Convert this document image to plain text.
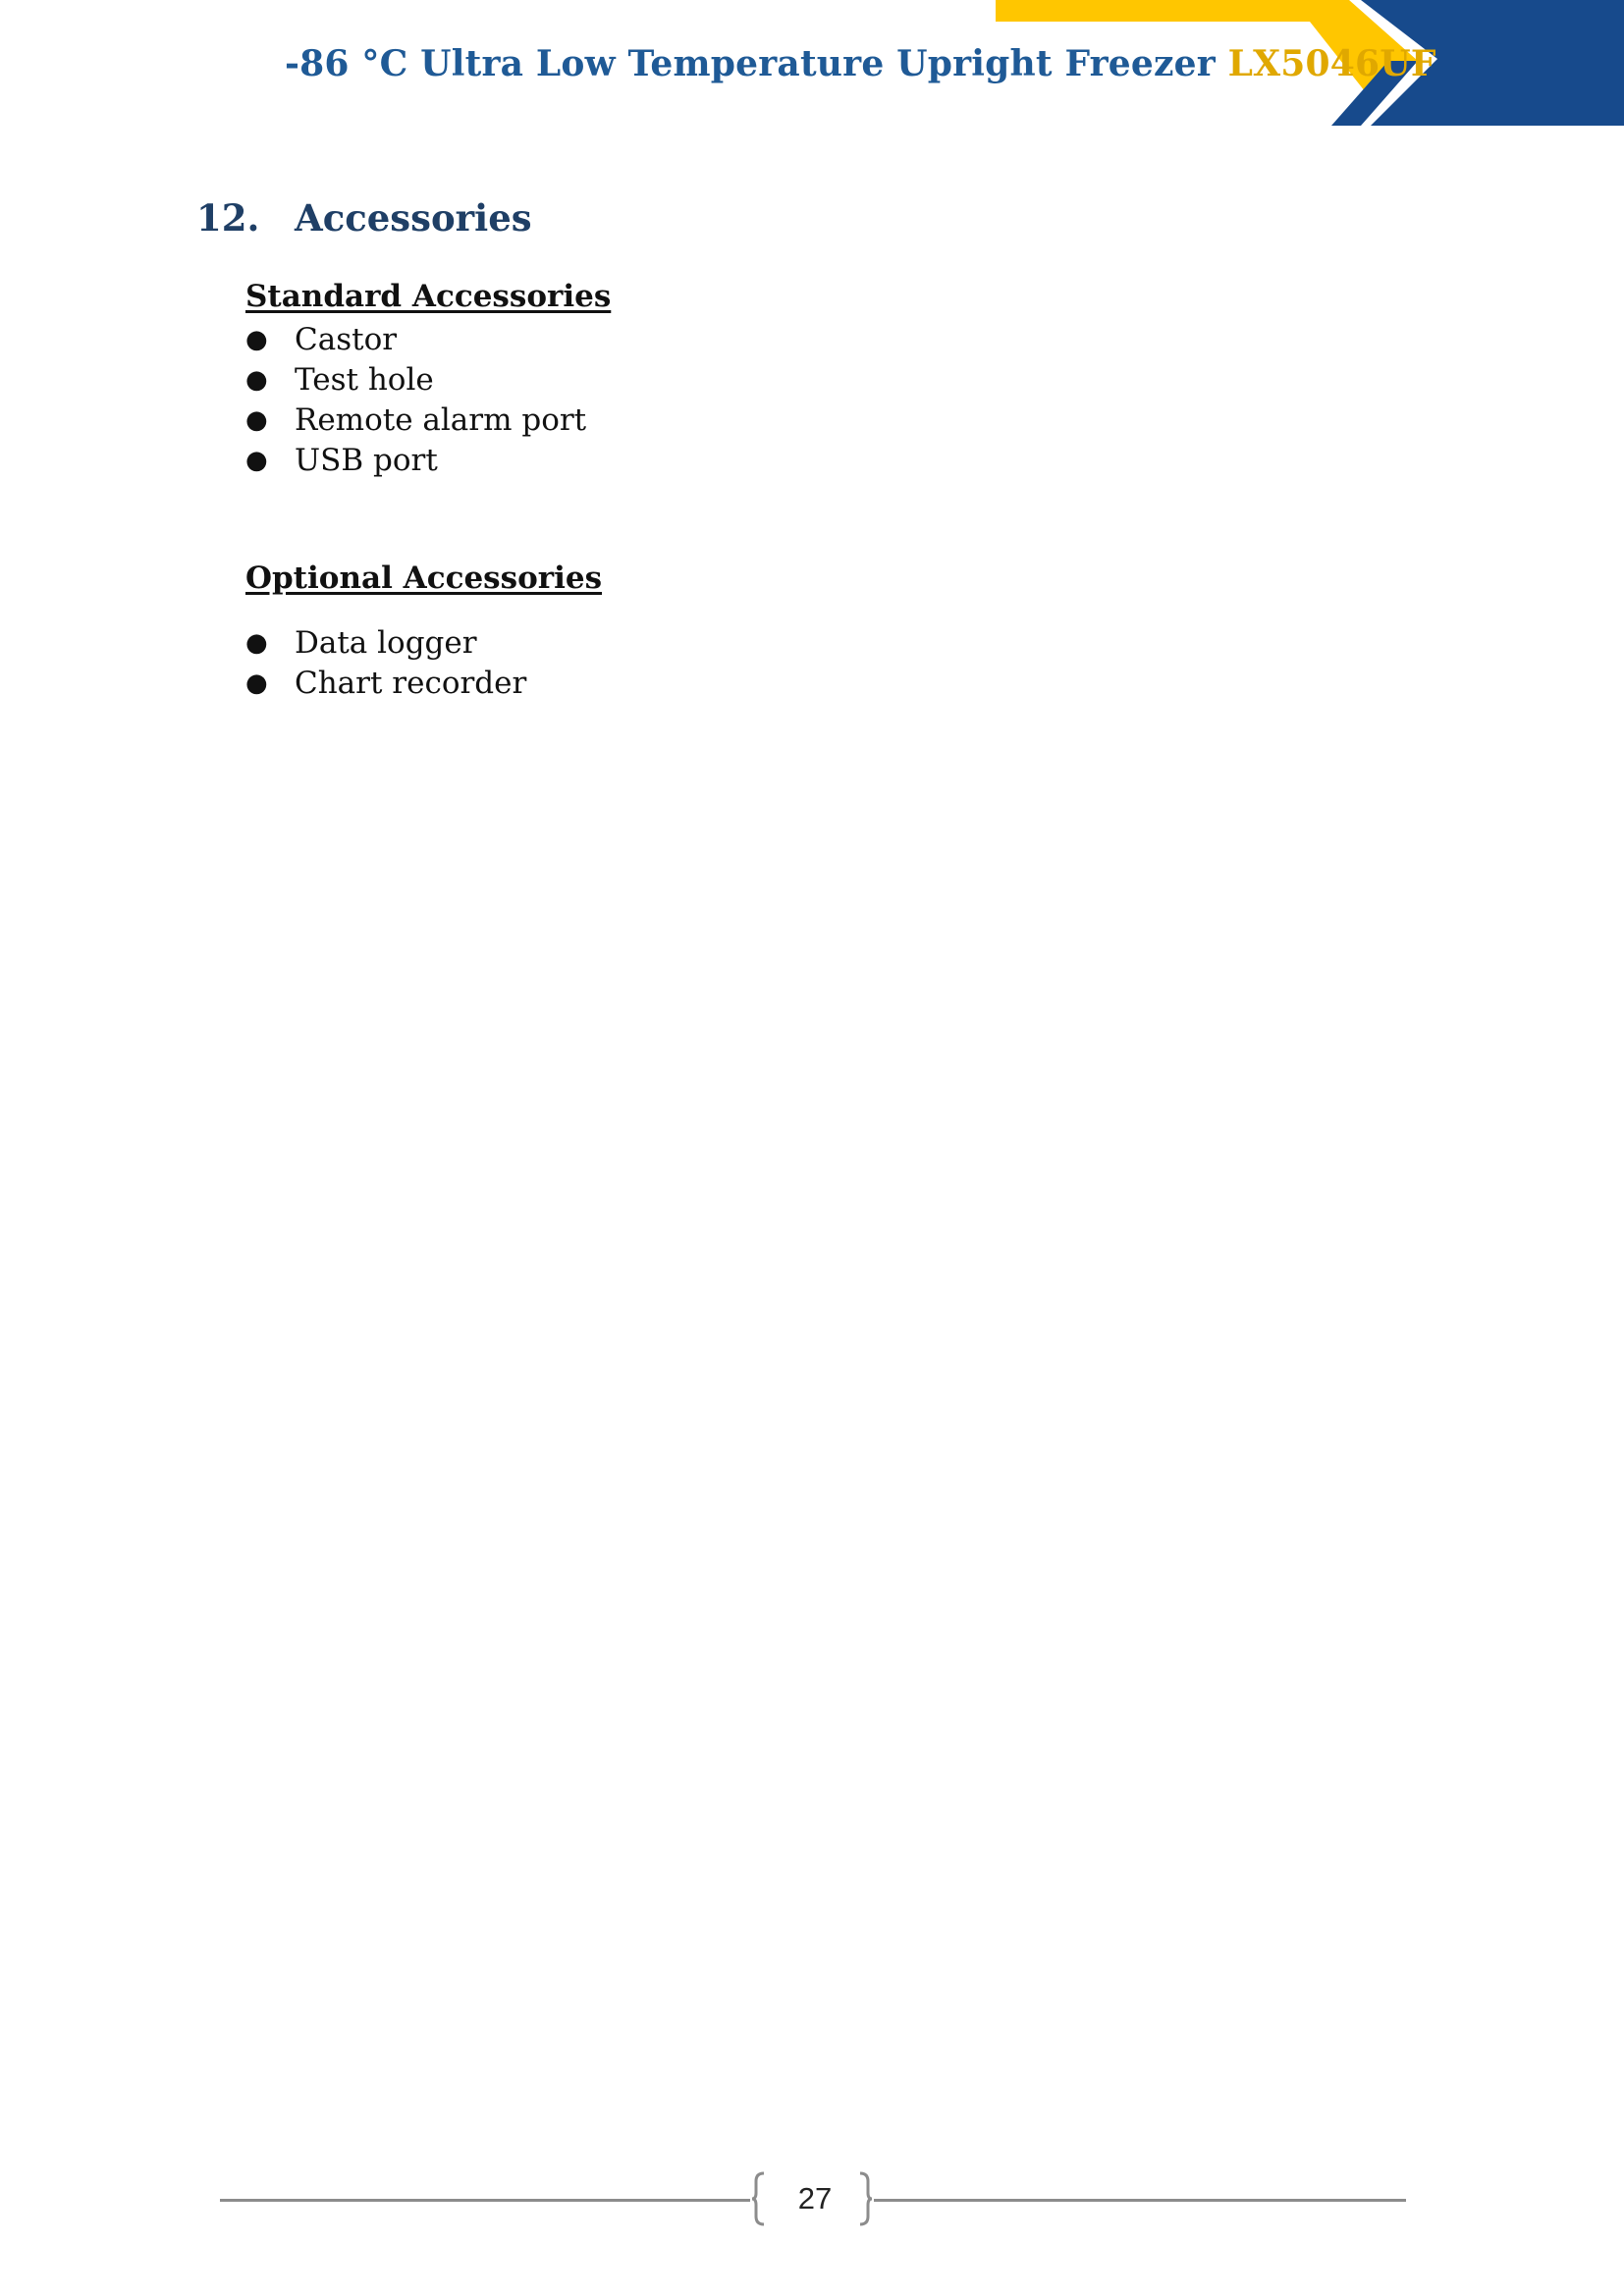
-86 °C Ultra Low Temperature Upright Freezer LX5046UF
12. Accessories
Standard Accessories
● Castor
● Test hole
● Remote alarm port
● USB port
Optional Accessories
● Data logger
● Chart recorder
27
